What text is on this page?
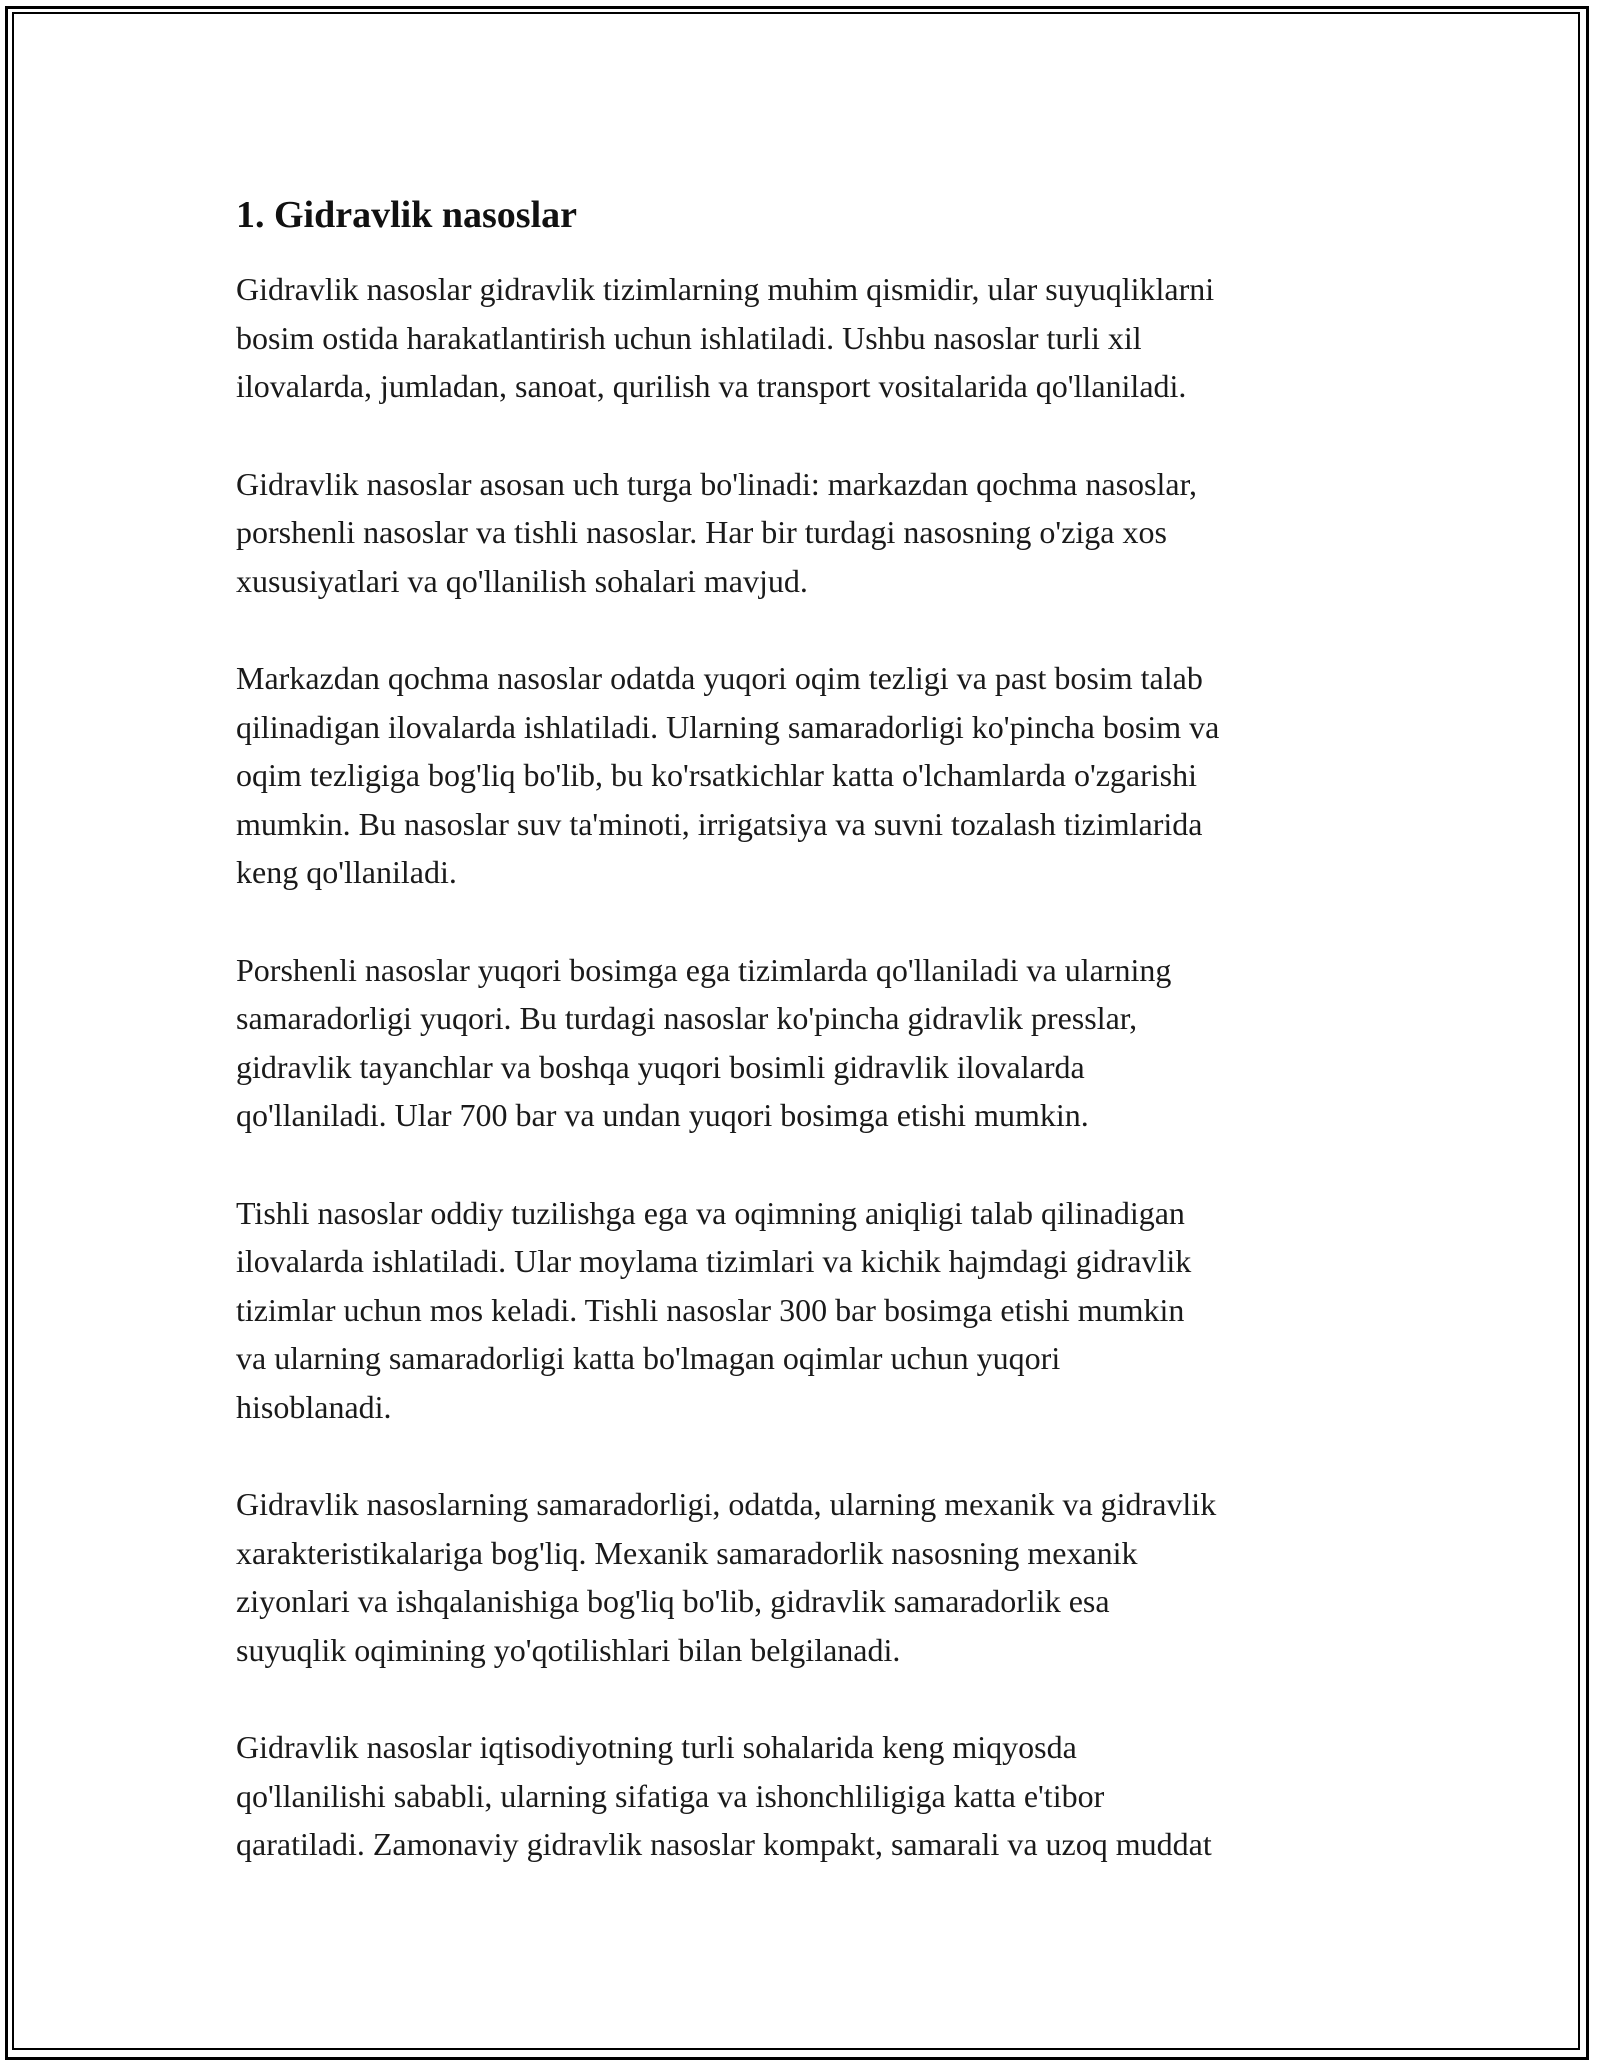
1. Gidravlik nasoslar

Gidravlik nasoslar gidravlik tizimlarning muhim qismidir, ular suyuqliklarni
bosim ostida harakatlantirish uchun ishlatiladi. Ushbu nasoslar turli xil
ilovalarda, jumladan, sanoat, qurilish va transport vositalarida qo'llaniladi.

Gidravlik nasoslar asosan uch turga bo'linadi: markazdan qochma nasoslar,
porshenli nasoslar va tishli nasoslar. Har bir turdagi nasosning o'ziga xos
xususiyatlari va qo'llanilish sohalari mavjud.

Markazdan qochma nasoslar odatda yuqori oqim tezligi va past bosim talab
qilinadigan ilovalarda ishlatiladi. Ularning samaradorligi ko'pincha bosim va
oqim tezligiga bog'liq bo'lib, bu ko'rsatkichlar katta o'lchamlarda o'zgarishi
mumkin. Bu nasoslar suv ta'minoti, irrigatsiya va suvni tozalash tizimlarida
keng qo'llaniladi.

Porshenli nasoslar yuqori bosimga ega tizimlarda qo'llaniladi va ularning
samaradorligi yuqori. Bu turdagi nasoslar ko'pincha gidravlik presslar,
gidravlik tayanchlar va boshqa yuqori bosimli gidravlik ilovalarda
qo'llaniladi. Ular 700 bar va undan yuqori bosimga etishi mumkin.

Tishli nasoslar oddiy tuzilishga ega va oqimning aniqligi talab qilinadigan
ilovalarda ishlatiladi. Ular moylama tizimlari va kichik hajmdagi gidravlik
tizimlar uchun mos keladi. Tishli nasoslar 300 bar bosimga etishi mumkin
va ularning samaradorligi katta bo'lmagan oqimlar uchun yuqori
hisoblanadi.

Gidravlik nasoslarning samaradorligi, odatda, ularning mexanik va gidravlik
xarakteristikalariga bog'liq. Mexanik samaradorlik nasosning mexanik
ziyonlari va ishqalanishiga bog'liq bo'lib, gidravlik samaradorlik esa
suyuqlik oqimining yo'qotilishlari bilan belgilanadi.

Gidravlik nasoslar iqtisodiyotning turli sohalarida keng miqyosda
qo'llanilishi sababli, ularning sifatiga va ishonchliligiga katta e'tibor
qaratiladi. Zamonaviy gidravlik nasoslar kompakt, samarali va uzoq muddat
